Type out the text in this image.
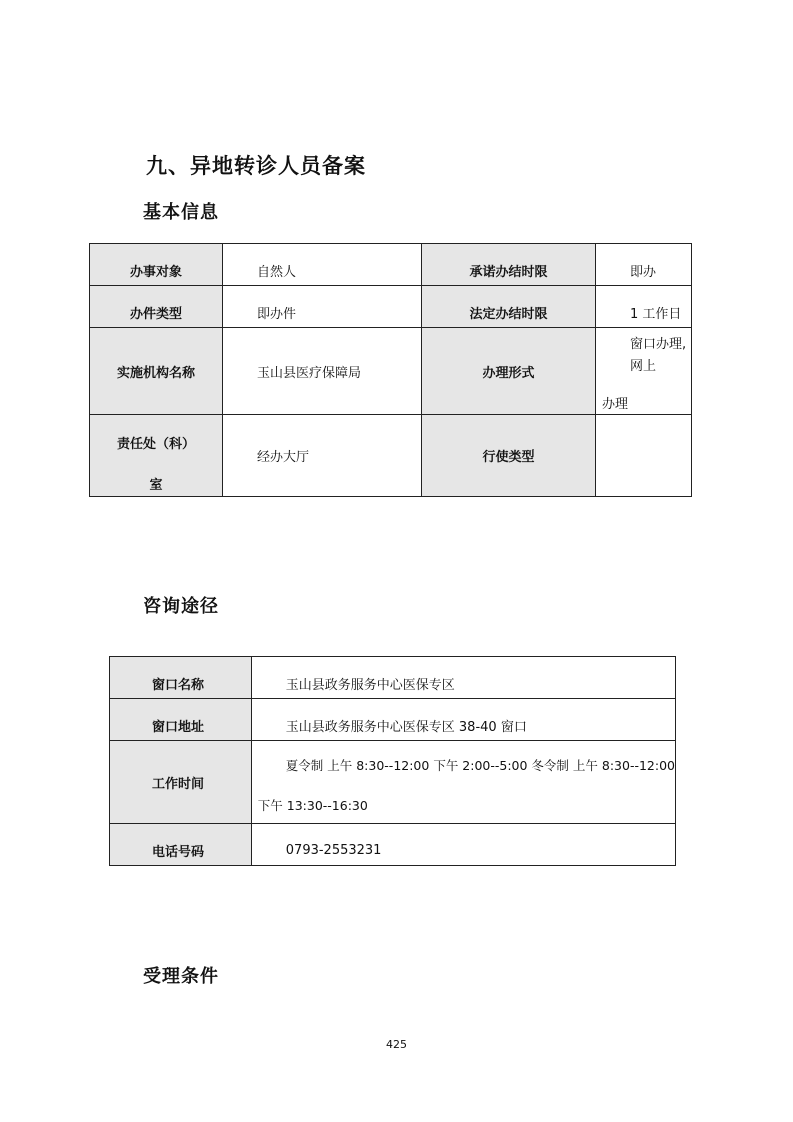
九、异地转诊人员备案
基本信息
办事对象	自然人	承诺办结时限	即办
办件类型	即办件	法定办结时限	1 工作日
实施机构名称	玉山县医疗保障局	办理形式	窗口办理,网上
办理

责任处（科）
室	经办大厅	行使类型	
咨询途径
窗口名称	玉山县政务服务中心医保专区
窗口地址	玉山县政务服务中心医保专区 38-40 窗口
工作时间	夏令制 上午 8:30--12:00 下午 2:00--5:00 冬令制 上午 8:30--12:00
下午 13:30--16:30

电话号码	0793-2553231
受理条件
425
